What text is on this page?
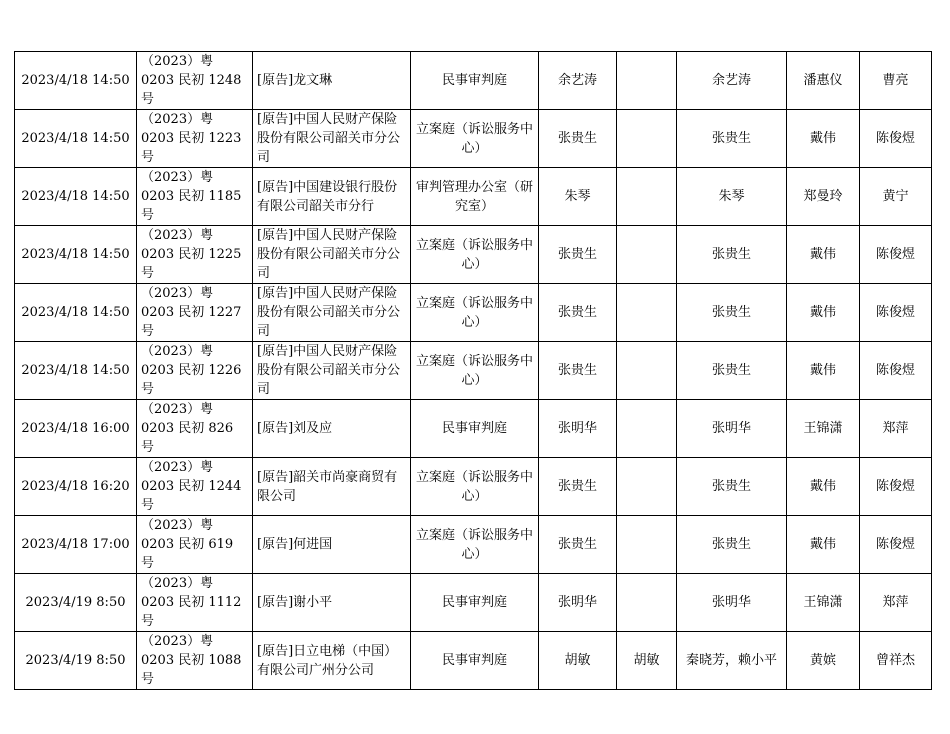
2023/4/18 14:50	（2023）粤 0203 民初 1248 号	[原告]龙文琳	民事审判庭	余艺涛		余艺涛	潘惠仪	曹亮
2023/4/18 14:50	（2023）粤 0203 民初 1223 号	[原告]中国人民财产保险股份有限公司韶关市分公司	立案庭（诉讼服务中心）	张贵生		张贵生	戴伟	陈俊煜
2023/4/18 14:50	（2023）粤 0203 民初 1185 号	[原告]中国建设银行股份有限公司韶关市分行	审判管理办公室（研究室）	朱琴		朱琴	郑曼玲	黄宁
2023/4/18 14:50	（2023）粤 0203 民初 1225 号	[原告]中国人民财产保险股份有限公司韶关市分公司	立案庭（诉讼服务中心）	张贵生		张贵生	戴伟	陈俊煜
2023/4/18 14:50	（2023）粤 0203 民初 1227 号	[原告]中国人民财产保险股份有限公司韶关市分公司	立案庭（诉讼服务中心）	张贵生		张贵生	戴伟	陈俊煜
2023/4/18 14:50	（2023）粤 0203 民初 1226 号	[原告]中国人民财产保险股份有限公司韶关市分公司	立案庭（诉讼服务中心）	张贵生		张贵生	戴伟	陈俊煜
2023/4/18 16:00	（2023）粤 0203 民初 826 号	[原告]刘及应	民事审判庭	张明华		张明华	王锦潇	郑萍
2023/4/18 16:20	（2023）粤 0203 民初 1244 号	[原告]韶关市尚豪商贸有限公司	立案庭（诉讼服务中心）	张贵生		张贵生	戴伟	陈俊煜
2023/4/18 17:00	（2023）粤 0203 民初 619 号	[原告]何进国	立案庭（诉讼服务中心）	张贵生		张贵生	戴伟	陈俊煜
2023/4/19 8:50	（2023）粤 0203 民初 1112 号	[原告]谢小平	民事审判庭	张明华		张明华	王锦潇	郑萍
2023/4/19 8:50	（2023）粤 0203 民初 1088 号	[原告]日立电梯（中国）有限公司广州分公司	民事审判庭	胡敏	胡敏	秦晓芳，赖小平	黄嫔	曾祥杰
